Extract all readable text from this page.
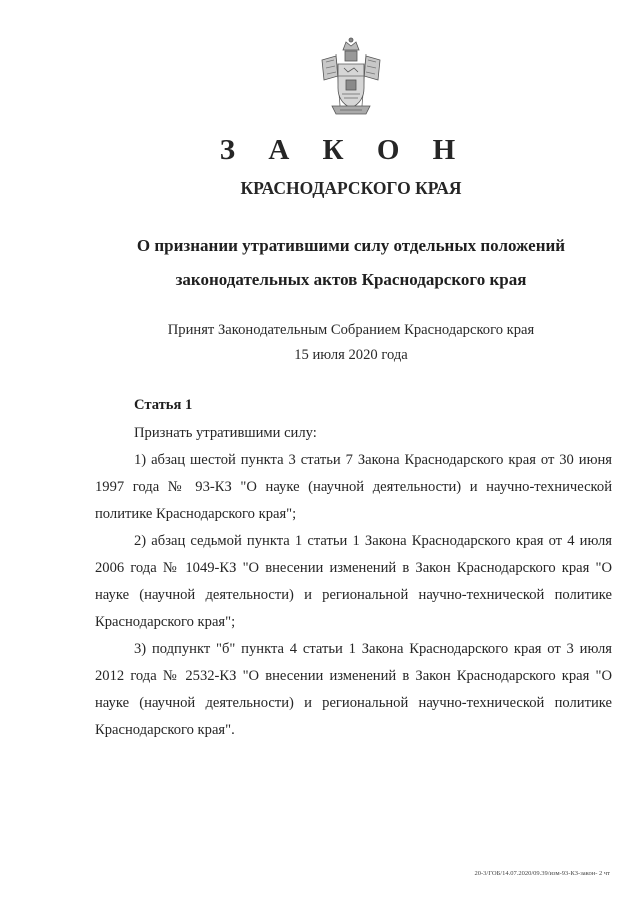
З А К О Н
КРАСНОДАРСКОГО КРАЯ
О признании утратившими силу отдельных положений
законодательных актов Краснодарского края
Принят Законодательным Собранием Краснодарского края
15 июля 2020 года
Статья 1

Признать утратившими силу:

1) абзац шестой пункта 3 статьи 7 Закона Краснодарского края от 30 июня 1997 года № 93-КЗ "О науке (научной деятельности) и научно-технической политике Краснодарского края";

2) абзац седьмой пункта 1 статьи 1 Закона Краснодарского края от 4 июля 2006 года № 1049-КЗ "О внесении изменений в Закон Краснодарского края "О науке (научной деятельности) и региональной научно-технической политике Краснодарского края";

3) подпункт "б" пункта 4 статьи 1 Закона Краснодарского края от 3 июля 2012 года № 2532-КЗ "О внесении изменений в Закон Краснодарского края "О науке (научной деятельности) и региональной научно-технической политике Краснодарского края".

20-3/ГОБ/14.07.2020/09.39/изм-93-КЗ-закон- 2 чт
